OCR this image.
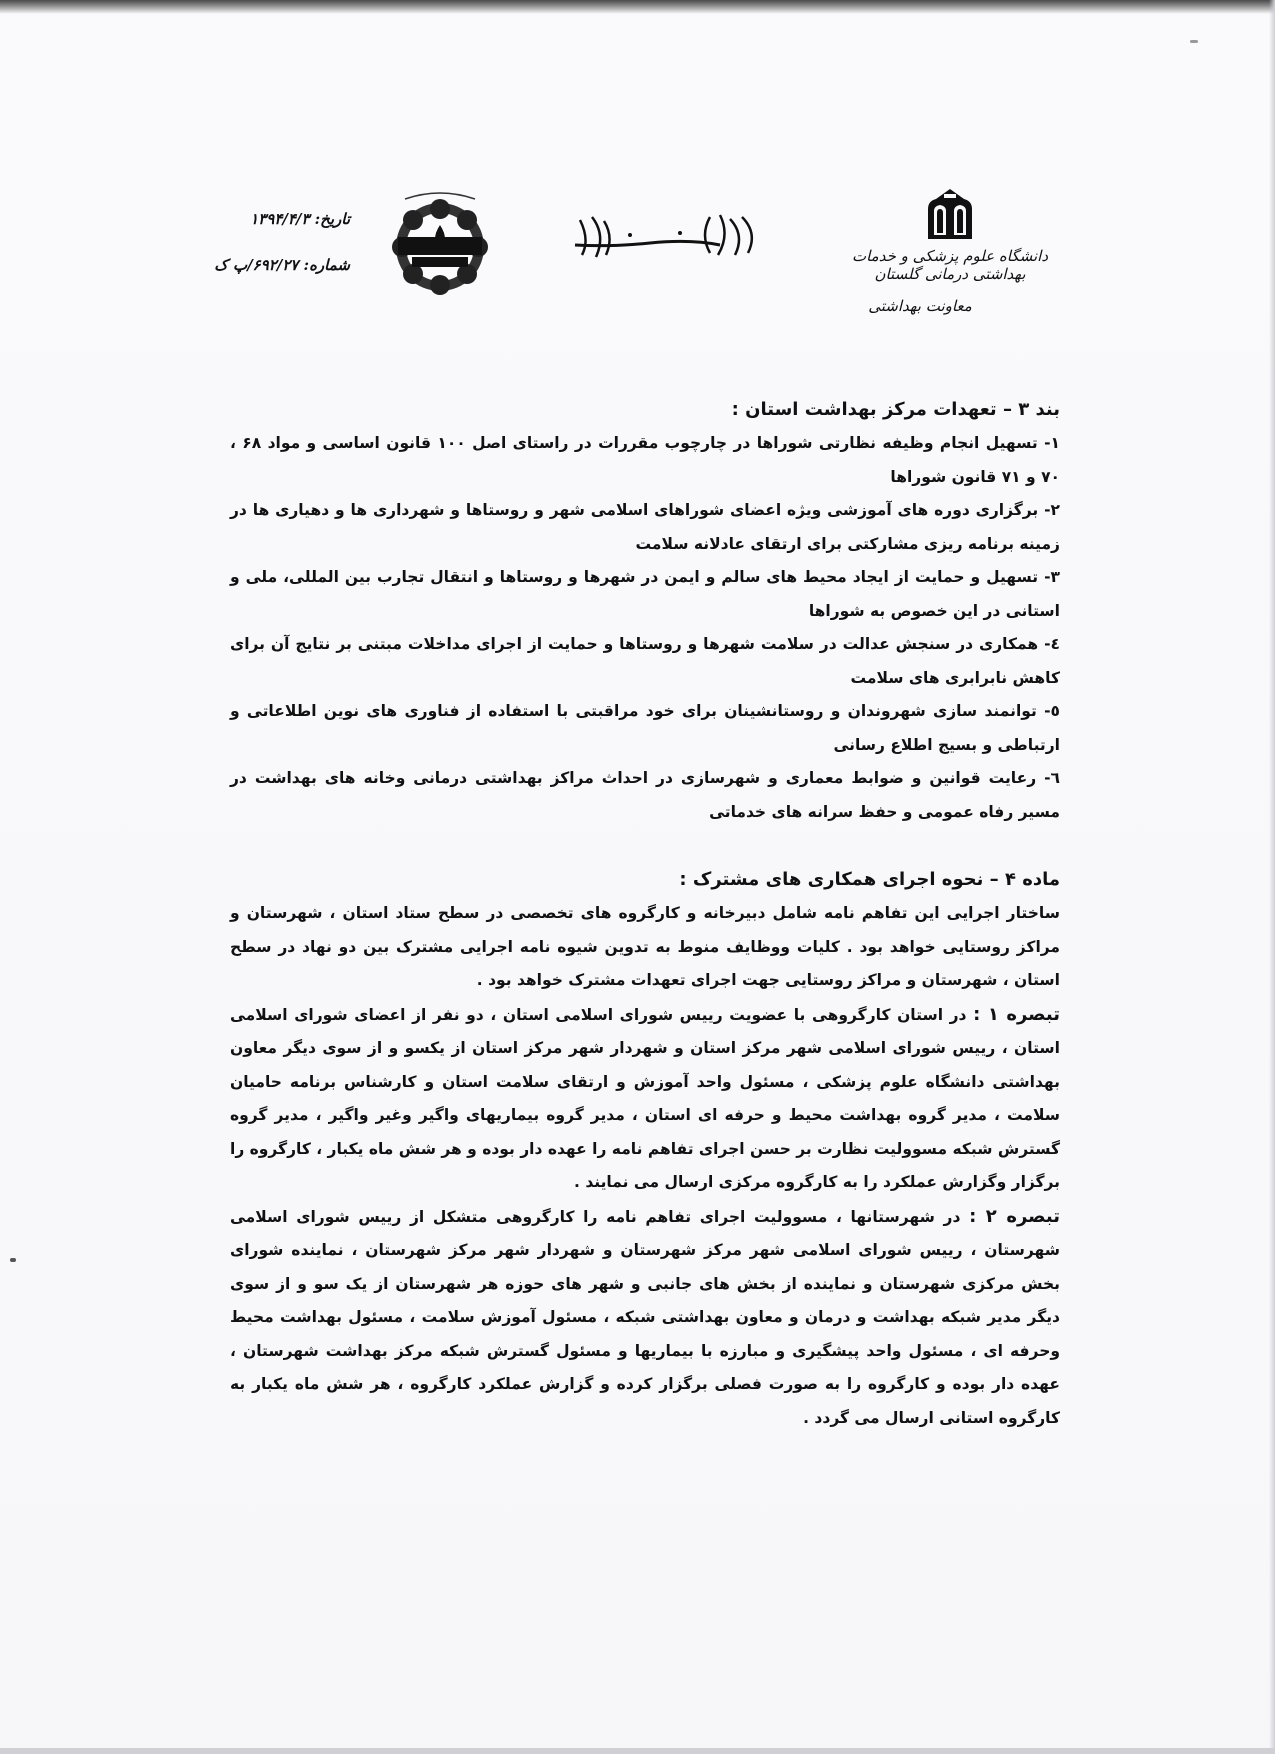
دانشگاه علوم پزشکی و خدمات بهداشتی درمانی گلستان
معاونت بهداشتی
تاریخ: ۱۳۹۴/۴/۳
شماره: ۶۹۲/۲۷/پ ک
بند ۳ – تعهدات مرکز بهداشت استان :
۱- تسهیل انجام وظیفه نظارتی شوراها در چارچوب مقررات در راستای اصل ۱۰۰ قانون اساسی و مواد ۶۸ ، ۷۰ و ۷۱ قانون شوراها
۲- برگزاری دوره های آموزشی ویژه اعضای شوراهای اسلامی شهر و روستاها و شهرداری ها و دهیاری ها در زمینه برنامه ریزی مشارکتی برای ارتقای عادلانه سلامت
۳- تسهیل و حمایت از ایجاد محیط های سالم و ایمن در شهرها و روستاها و انتقال تجارب بین المللی، ملی و استانی در این خصوص به شوراها
٤- همکاری در سنجش عدالت در سلامت شهرها و روستاها و حمایت از اجرای مداخلات مبتنی بر نتایج آن برای کاهش نابرابری های سلامت
٥- توانمند سازی شهروندان و روستانشینان برای خود مراقبتی با استفاده از فناوری های نوین اطلاعاتی و ارتباطی و بسیج اطلاع رسانی
٦- رعایت قوانین و ضوابط معماری و شهرسازی در احداث مراکز بهداشتی درمانی وخانه های بهداشت در مسیر رفاه عمومی و حفظ سرانه های خدماتی
ماده ۴ – نحوه اجرای همکاری های مشترک :
ساختار اجرایی این تفاهم نامه شامل دبیرخانه و کارگروه های تخصصی در سطح ستاد استان ، شهرستان و مراکز روستایی خواهد بود . کلیات ووظایف منوط به تدوین شیوه نامه اجرایی مشترک بین دو نهاد در سطح استان ، شهرستان و مراکز روستایی جهت اجرای تعهدات مشترک خواهد بود .
تبصره ۱ : در استان کارگروهی با عضویت رییس شورای اسلامی استان ، دو نفر از اعضای شورای اسلامی استان ، رییس شورای اسلامی شهر مرکز استان و شهردار شهر مرکز استان از یکسو و از سوی دیگر معاون بهداشتی دانشگاه علوم پزشکی ، مسئول واحد آموزش و ارتقای سلامت استان و کارشناس برنامه حامیان سلامت ، مدیر گروه بهداشت محیط و حرفه ای استان ، مدیر گروه بیماریهای واگیر وغیر واگیر ، مدیر گروه گسترش شبکه مسوولیت نظارت بر حسن اجرای تفاهم نامه را عهده دار بوده و هر شش ماه یکبار ، کارگروه را برگزار وگزارش عملکرد را به کارگروه مرکزی ارسال می نمایند .
تبصره ۲ : در شهرستانها ، مسوولیت اجرای تفاهم نامه را کارگروهی متشکل از رییس شورای اسلامی شهرستان ، رییس شورای اسلامی شهر مرکز شهرستان و شهردار شهر مرکز شهرستان ، نماینده شورای بخش مرکزی شهرستان و نماینده از بخش های جانبی و شهر های حوزه هر شهرستان از یک سو و از سوی دیگر مدیر شبکه بهداشت و درمان و معاون بهداشتی شبکه ، مسئول آموزش سلامت ، مسئول بهداشت محیط وحرفه ای ، مسئول واحد پیشگیری و مبارزه با بیماریها و مسئول گسترش شبکه مرکز بهداشت شهرستان ، عهده دار بوده و کارگروه را به صورت فصلی برگزار کرده و گزارش عملکرد کارگروه ، هر شش ماه یکبار به کارگروه استانی ارسال می گردد .
